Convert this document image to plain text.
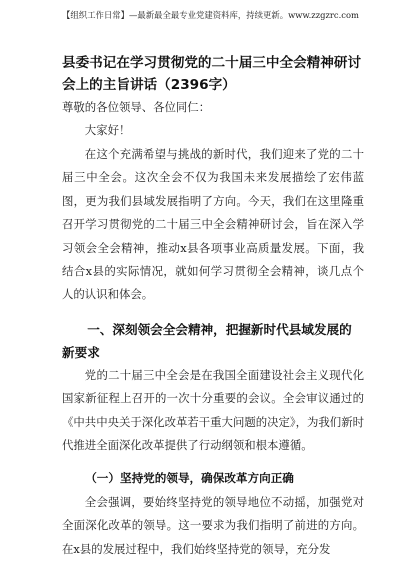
【组织工作日常】—最新最全最专业党建资料库，持续更新。www.zzgzrc.com
县委书记在学习贯彻党的二十届三中全会精神研讨会上的主旨讲话（2396字）
尊敬的各位领导、各位同仁：
大家好！
在这个充满希望与挑战的新时代，我们迎来了党的二十届三中全会。这次全会不仅为我国未来发展描绘了宏伟蓝图，更为我们县域发展指明了方向。今天，我们在这里隆重召开学习贯彻党的二十届三中全会精神研讨会，旨在深入学习领会全会精神，推动x县各项事业高质量发展。下面，我结合x县的实际情况，就如何学习贯彻全会精神，谈几点个人的认识和体会。
一、深刻领会全会精神，把握新时代县域发展的新要求
党的二十届三中全会是在我国全面建设社会主义现代化国家新征程上召开的一次十分重要的会议。全会审议通过的《中共中央关于深化改革若干重大问题的决定》，为我们新时代推进全面深化改革提供了行动纲领和根本遵循。
（一）坚持党的领导，确保改革方向正确
全会强调，要始终坚持党的领导地位不动摇，加强党对全面深化改革的领导。这一要求为我们指明了前进的方向。在x县的发展过程中，我们始终坚持党的领导，充分发
